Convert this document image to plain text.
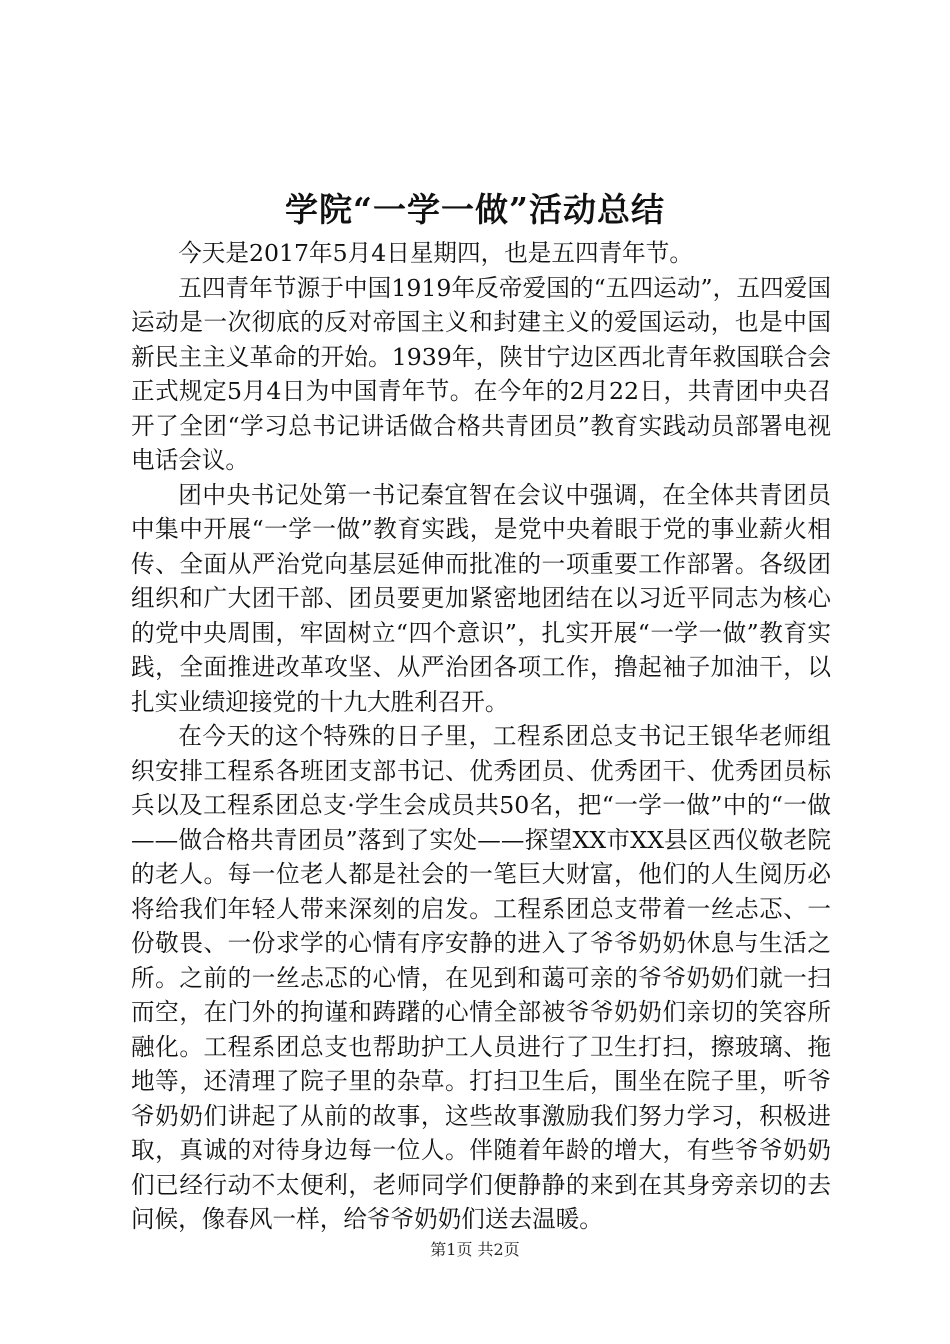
学院“一学一做”活动总结

今天是2017年5月4日星期四，也是五四青年节。

五四青年节源于中国1919年反帝爱国的“五四运动”，五四爱国运动是一次彻底的反对帝国主义和封建主义的爱国运动，也是中国新民主主义革命的开始。1939年，陕甘宁边区西北青年救国联合会正式规定5月4日为中国青年节。在今年的2月22日，共青团中央召开了全团“学习总书记讲话做合格共青团员”教育实践动员部署电视电话会议。

团中央书记处第一书记秦宜智在会议中强调，在全体共青团员中集中开展“一学一做”教育实践，是党中央着眼于党的事业薪火相传、全面从严治党向基层延伸而批准的一项重要工作部署。各级团组织和广大团干部、团员要更加紧密地团结在以习近平同志为核心的党中央周围，牢固树立“四个意识”，扎实开展“一学一做”教育实践，全面推进改革攻坚、从严治团各项工作，撸起袖子加油干，以扎实业绩迎接党的十九大胜利召开。

在今天的这个特殊的日子里，工程系团总支书记王银华老师组织安排工程系各班团支部书记、优秀团员、优秀团干、优秀团员标兵以及工程系团总支·学生会成员共50名，把“一学一做”中的“一做——做合格共青团员”落到了实处——探望XX市XX县区西仪敬老院的老人。每一位老人都是社会的一笔巨大财富，他们的人生阅历必将给我们年轻人带来深刻的启发。工程系团总支带着一丝忐忑、一份敬畏、一份求学的心情有序安静的进入了爷爷奶奶休息与生活之所。之前的一丝忐忑的心情，在见到和蔼可亲的爷爷奶奶们就一扫而空，在门外的拘谨和踌躇的心情全部被爷爷奶奶们亲切的笑容所融化。工程系团总支也帮助护工人员进行了卫生打扫，擦玻璃、拖地等，还清理了院子里的杂草。打扫卫生后，围坐在院子里，听爷爷奶奶们讲起了从前的故事，这些故事激励我们努力学习，积极进取，真诚的对待身边每一位人。伴随着年龄的增大，有些爷爷奶奶们已经行动不太便利，老师同学们便静静的来到在其身旁亲切的去问候，像春风一样，给爷爷奶奶们送去温暖。

第1页 共2页
